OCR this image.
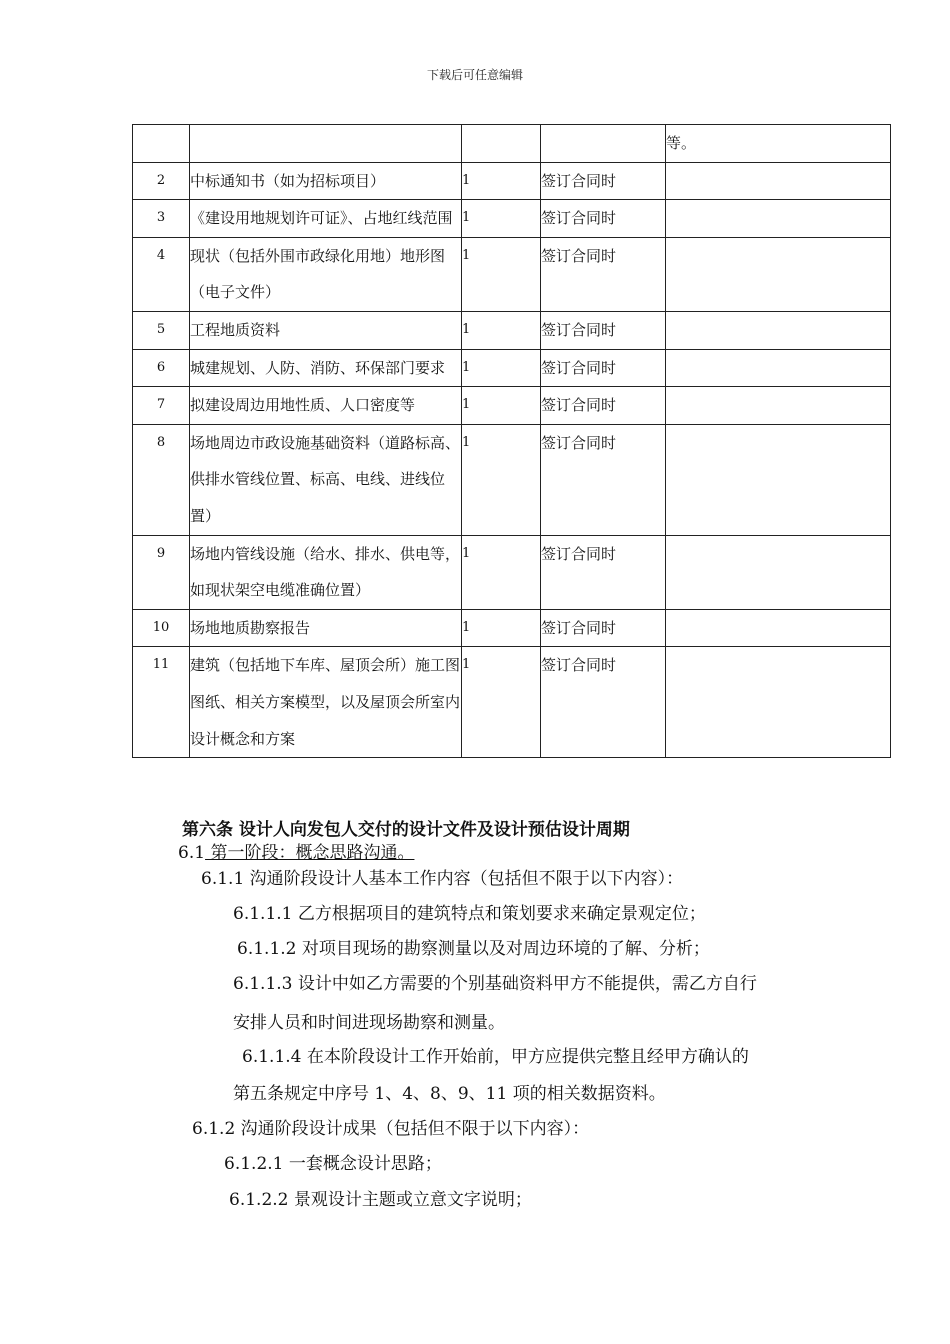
下载后可任意编辑
				等。
2	中标通知书（如为招标项目）	1	签订合同时	
3	《建设用地规划许可证》、占地红线范围	1	签订合同时	
4	现状（包括外围市政绿化用地）地形图（电子文件）	1	签订合同时	
5	工程地质资料	1	签订合同时	
6	城建规划、人防、消防、环保部门要求	1	签订合同时	
7	拟建设周边用地性质、人口密度等	1	签订合同时	
8	场地周边市政设施基础资料（道路标高、供排水管线位置、标高、电线、进线位置）	1	签订合同时	
9	场地内管线设施（给水、排水、供电等，如现状架空电缆准确位置）	1	签订合同时	
10	场地地质勘察报告	1	签订合同时	
11	建筑（包括地下车库、屋顶会所）施工图图纸、相关方案模型，以及屋顶会所室内设计概念和方案	1	签订合同时	
第六条 设计人向发包人交付的设计文件及设计预估设计周期
6.1 第一阶段：概念思路沟通。
6.1.1 沟通阶段设计人基本工作内容（包括但不限于以下内容）：
6.1.1.1 乙方根据项目的建筑特点和策划要求来确定景观定位；
6.1.1.2 对项目现场的勘察测量以及对周边环境的了解、分析；
6.1.1.3 设计中如乙方需要的个别基础资料甲方不能提供，需乙方自行
安排人员和时间进现场勘察和测量。
6.1.1.4 在本阶段设计工作开始前，甲方应提供完整且经甲方确认的
第五条规定中序号 1、4、8、9、11 项的相关数据资料。
6.1.2 沟通阶段设计成果（包括但不限于以下内容）：
6.1.2.1 一套概念设计思路；
6.1.2.2 景观设计主题或立意文字说明；
